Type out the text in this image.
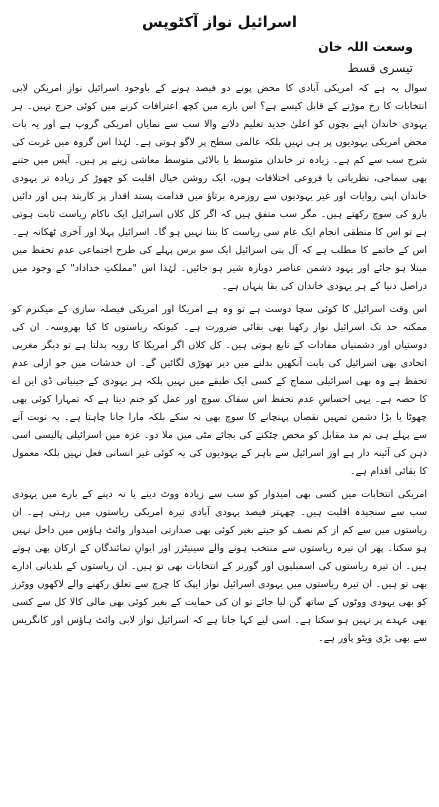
اسرائیل نواز آکٹوپس
وسعت اللہ خان
تیسری قسط

سوال یہ ہے کہ امریکی آبادی کا محض پونے دو فیصد ہونے کے باوجود اسرائیل نواز امریکن لابی انتخابات کا رخ موڑنے کے قابل کیسے ہے؟ اس بارے میں کچھ اعترافات کرنے میں کوئی حرج نہیں۔ ہر یہودی خاندان اپنے بچوں کو اعلیٰ جدید تعلیم دلانے والا سب سے نمایاں امریکی گروپ ہے اور یہ بات محض امریکی یہودیوں پر ہی نہیں بلکہ عالمی سطح پر لاگو ہوتی ہے۔ لہٰذا اس گروہ میں غربت کی شرح سب سے کم ہے۔ زیادہ تر خاندان متوسط یا بالائی متوسط معاشی زینے پر ہیں۔ آپس میں جتنے بھی سماجی، نظریاتی یا فروعی اختلافات ہوں، ایک روشن خیال اقلیت کو چھوڑ کر زیادہ تر یہودی خاندان اپنی روایات اور غیر یہودیوں سے روزمرہ برتاؤ میں قدامت پسند اقدار پر کاربند ہیں اور دائیں بازو کی سوچ رکھتے ہیں۔ مگر سب متفق ہیں کہ اگر کل کلاں اسرائیل ایک ناکام ریاست ثابت ہوتی ہے تو اس کا منطقی انجام ایک عام سی ریاست کا بننا نہیں ہو گا۔ اسرائیل پہلا اور آخری ٹھکانہ ہے۔ اس کے خاتمے کا مطلب ہے کہ آل بنی اسرائیل ایک سو برس پہلے کی طرح اجتماعی عدم تحفظ میں مبتلا ہو جائے اور یہود دشمن عناصر دوبارہ شیر ہو جائیں۔ لہٰذا اس "مملکتِ خداداد" کے وجود میں دراصل دنیا کے ہر یہودی خاندان کی بقا پنہاں ہے۔

اس وقت اسرائیل کا کوئی سچا دوست ہے تو وہ ہے امریکا اور امریکی فیصلہ سازی کے میکنزم کو ممکنہ حد تک اسرائیل نواز رکھنا بھی بقائی ضرورت ہے۔ کیونکہ ریاستوں کا کیا بھروسہ۔ ان کی دوستیاں اور دشمنیاں مفادات کے تابع ہوتی ہیں۔ کل کلاں اگر امریکا کا رویہ بدلتا ہے تو دیگر مغربی اتحادی بھی اسرائیل کی بابت آنکھیں بدلنے میں دیر تھوڑی لگائیں گے۔ ان خدشات میں جو ازلی عدم تحفظ ہے وہ بھی اسرائیلی سماج کے کسی ایک طبقے میں نہیں بلکہ ہر یہودی کے جینیاتی ڈی این اے کا حصہ ہے۔ یہی احساسِ عدم تحفظ اس سفاک سوچ اور عمل کو جنم دیتا ہے کہ تمہارا کوئی بھی چھوٹا یا بڑا دشمن تمہیں نقصان پہنچانے کا سوچ بھی نہ سکے بلکہ مارا جانا چاہتا ہے۔ یہ نوبت آنے سے پہلے ہی تم مد مقابل کو محض چٹکنے کی بجائے مٹی میں ملا دو۔ غزہ میں اسرائیلی پالیسی اسی ذہن کی آئینہ دار ہے اور اسرائیل سے باہر کے یہودیوں کی یہ کوئی غیر انسانی فعل نہیں بلکہ معمول کا بقائی اقدام ہے۔

امریکی انتخابات میں کسی بھی امیدوار کو سب سے زیادہ ووٹ دینے یا نہ دینے کے بارے میں یہودی سب سے سنجیدہ اقلیت ہیں۔ چھہتر فیصد یہودی آبادی تیرہ امریکی ریاستوں میں رہتی ہے۔ ان ریاستوں میں سے کم از کم نصف کو جیتے بغیر کوئی بھی صدارتی امیدوار وائٹ ہاؤس میں داخل نہیں ہو سکتا۔ پھر ان تیرہ ریاستوں سے منتخب ہونے والے سینیٹرز اور ایوانِ نمائندگان کے ارکان بھی ہوتے ہیں۔ ان تیرہ ریاستوں کی اسمبلیوں اور گورنر کے انتخابات بھی تو ہیں۔ ان ریاستوں کے بلدیاتی ادارے بھی تو ہیں۔ ان تیرہ ریاستوں میں یہودی اسرائیل نواز ایپک کا چرچ سے تعلق رکھنے والے لاکھوں ووٹرز کو بھی یہودی ووٹوں کے ساتھ گن لیا جائے تو ان کی حمایت کے بغیر کوئی بھی مالی کالا کل سے کسی بھی عہدے پر نہیں ہو سکتا ہے۔ اسی لیے کہا جاتا ہے کہ اسرائیل نواز لابی وائٹ ہاؤس اور کانگریس سے بھی بڑی ویٹو پاور ہے۔
